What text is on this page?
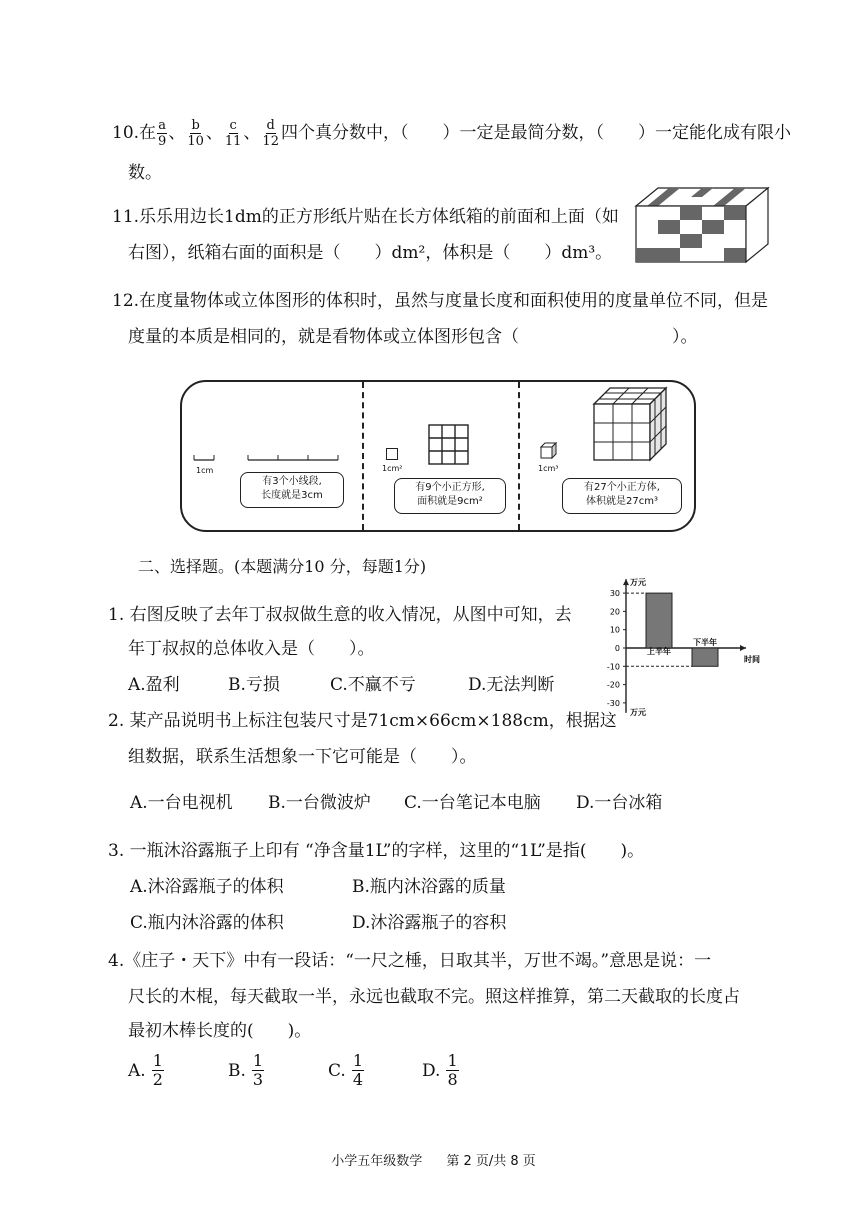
10.在 $\frac{a}{9}$ 、 $\frac{b}{10}$ 、 $\frac{c}{11}$ 、 $\frac{d}{12}$ 四个真分数中，（　　）一定是最简分数，（　　）一定能化成有限小
数。
11.乐乐用边长1dm的正方形纸片贴在长方体纸箱的前面和上面（如
右图），纸箱右面的面积是（　　）dm²，体积是（　　）dm³。
12.在度量物体或立体图形的体积时，虽然与度量长度和面积使用的度量单位不同，但是
度量的本质是相同的，就是看物体或立体图形包含（　　　　　　　　　）。
1cm
有3个小线段,
长度就是3cm
1cm²
有9个小正方形,
面积就是9cm²
1cm³
有27个小正方体,
体积就是27cm³
二、选择题。(本题满分10 分，每题1分)
1. 右图反映了去年丁叔叔做生意的收入情况，从图中可知，去
年丁叔叔的总体收入是（　　）。
A.盈利	B.亏损	C.不赢不亏	D.无法判断
30
20
10
0
-10
-20
-30
万元
万元
时间
上半年
下半年
2. 某产品说明书上标注包装尺寸是71cm×66cm×188cm，根据这
组数据，联系生活想象一下它可能是（　　）。
A.一台电视机 B.一台微波炉 C.一台笔记本电脑 D.一台冰箱
3. 一瓶沐浴露瓶子上印有 “净含量1L”的字样，这里的“1L”是指(　　)。
A.沐浴露瓶子的体积	B.瓶内沐浴露的质量
C.瓶内沐浴露的体积	D.沐浴露瓶子的容积
4.《庄子・天下》中有一段话：“一尺之棰，日取其半，万世不竭。”意思是说：一
尺长的木棍，每天截取一半，永远也截取不完。照这样推算，第二天截取的长度占
最初木棒长度的(　　)。
A. $\frac{1}{2}$	B. $\frac{1}{3}$	C. $\frac{1}{4}$	D. $\frac{1}{8}$
小学五年级数学 第 2 页/共 8 页
